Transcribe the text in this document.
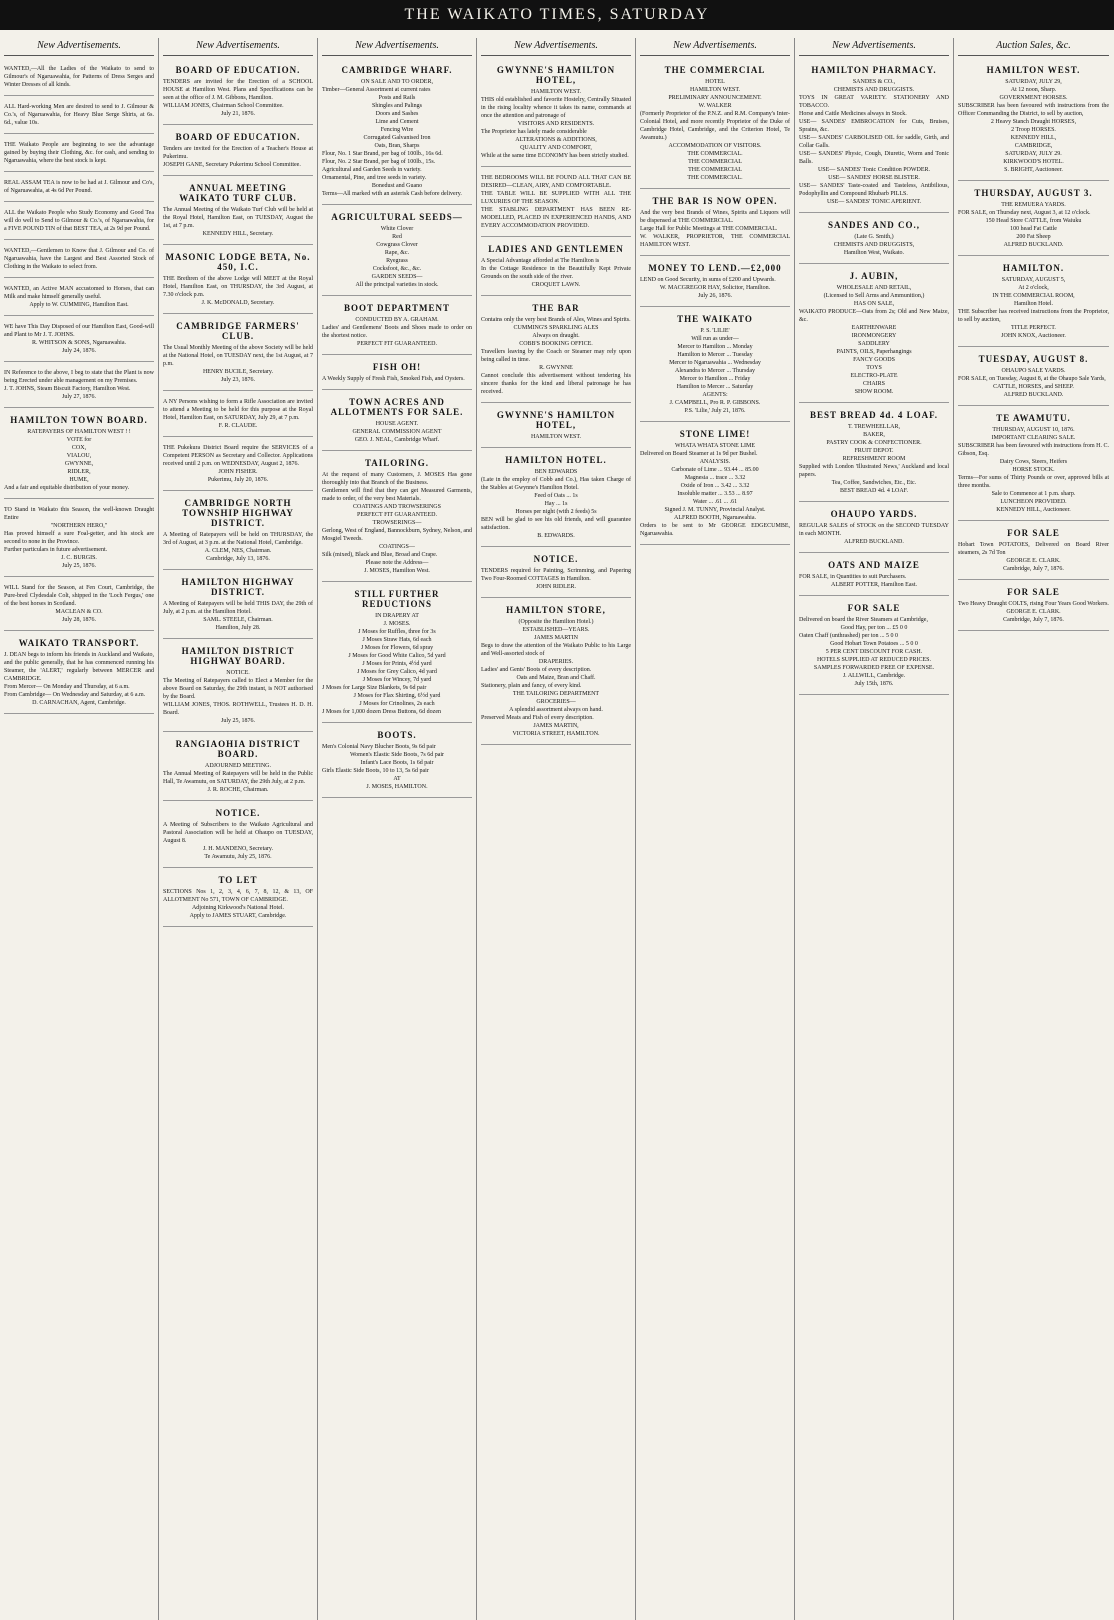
THE WAIKATO TIMES, SATURDAY
New Advertisements.

WANTED,—All the Ladies of the Waikato to send to Gilmour's of Ngaruawahia, for Patterns of Dress Serges and Winter Dresses of all kinds.

ALL Hard-working Men are desired to send to J. Gilmour & Co.'s, of Ngaruawahia, for Heavy Blue Serge Shirts, at 6s. 6d., value 10s.

THE Waikato People are beginning to see the advantage gained by buying their Clothing, &c. for cash, and sending to Ngaruawahia, where the best stock is kept.

REAL ASSAM TEA is now to be had at J. Gilmour and Co's, of Ngaruawahia, at 4s 6d Per Pound.

ALL the Waikato People who Study Economy and Good Tea will do well to Send to Gilmour & Co.'s, of Ngaruawahia, for a FIVE POUND TIN of that BEST TEA, at 2s 9d per Pound.

WANTED,—Gentlemen to Know that J. Gilmour and Co. of Ngaruawahia, have the Largest and Best Assorted Stock of Clothing in the Waikato to select from.

WANTED, an Active MAN accustomed to Horses, that can Milk and make himself generally useful.

Apply to W. CUMMING, Hamilton East.

WE have This Day Disposed of our Hamilton East, Good-will and Plant to Mr J. T. JOHNS.

R. WHITSON & SONS, Ngaruawahia.

July 24, 1876.

IN Reference to the above, I beg to state that the Plant is now being Erected under able management on my Premises.

J. T. JOHNS, Steam Biscuit Factory, Hamilton West.

July 27, 1876.

HAMILTON TOWN BOARD.

RATEPAYERS OF HAMILTON WEST ! !

VOTE for

COX,

VIALOU,

GWYNNE,

RIDLER,

HUME,

And a fair and equitable distribution of your money.

TO Stand in Waikato this Season, the well-known Draught Entire

"NORTHERN HERO,"

Has proved himself a sure Foal-getter, and his stock are second to none in the Province.

Further particulars in future advertisement.

J. C. BURGIS.

July 25, 1876.

WILL Stand for the Season, at Fen Court, Cambridge, the Pure-bred Clydesdale Colt, shipped in the 'Loch Fergus,' one of the best horses in Scotland.

MACLEAN & CO.

July 28, 1876.

WAIKATO TRANSPORT.

J. DEAN begs to inform his friends in Auckland and Waikato, and the public generally, that he has commenced running his Steamer, the 'ALERT,' regularly between MERCER and CAMBRIDGE.

From Mercer— On Monday and Thursday, at 6 a.m.

From Cambridge— On Wednesday and Saturday, at 6 a.m.

D. CARNACHAN, Agent, Cambridge.

New Advertisements.
BOARD OF EDUCATION.

TENDERS are invited for the Erection of a SCHOOL HOUSE at Hamilton West. Plans and Specifications can be seen at the office of J. M. Gibbons, Hamilton.

WILLIAM JONES, Chairman School Committee.

July 21, 1876.

BOARD OF EDUCATION.

Tenders are invited for the Erection of a Teacher's House at Pukerimu.

JOSEPH GANE, Secretary Pukerimu School Committee.

ANNUAL MEETING WAIKATO TURF CLUB.

The Annual Meeting of the Waikato Turf Club will be held at the Royal Hotel, Hamilton East, on TUESDAY, August the 1st, at 7 p.m.

KENNEDY HILL, Secretary.

MASONIC LODGE BETA, No. 450, I.C.

THE Brethren of the above Lodge will MEET at the Royal Hotel, Hamilton East, on THURSDAY, the 3rd August, at 7.30 o'clock p.m.

J. K. McDONALD, Secretary.

CAMBRIDGE FARMERS' CLUB.

The Usual Monthly Meeting of the above Society will be held at the National Hotel, on TUESDAY next, the 1st August, at 7 p.m.

HENRY BUCILE, Secretary.

July 23, 1876.

A NY Persons wishing to form a Rifle Association are invited to attend a Meeting to be held for this purpose at the Royal Hotel, Hamilton East, on SATURDAY, July 29, at 7 p.m.

F. R. CLAUDE.

THE Pukekura District Board require the SERVICES of a Competent PERSON as Secretary and Collector. Applications received until 2 p.m. on WEDNESDAY, August 2, 1876.

JOHN FISHER.

Pukerimu, July 20, 1876.

CAMBRIDGE NORTH TOWNSHIP HIGHWAY DISTRICT.

A Meeting of Ratepayers will be held on THURSDAY, the 3rd of August, at 3 p.m. at the National Hotel, Cambridge.

A. CLEM, NES, Chairman.

Cambridge, July 13, 1876.

HAMILTON HIGHWAY DISTRICT.

A Meeting of Ratepayers will be held THIS DAY, the 29th of July, at 2 p.m. at the Hamilton Hotel.

SAML. STEELE, Chairman.

Hamilton, July 28.

HAMILTON DISTRICT HIGHWAY BOARD.

NOTICE.

The Meeting of Ratepayers called to Elect a Member for the above Board on Saturday, the 29th instant, is NOT authorised by the Board.

WILLIAM JONES, THOS. ROTHWELL, Trustees H. D. H. Board.

July 25, 1876.

RANGIAOHIA DISTRICT BOARD.

ADJOURNED MEETING.

The Annual Meeting of Ratepayers will be held in the Public Hall, Te Awamutu, on SATURDAY, the 29th July, at 2 p.m.

J. R. ROCHE, Chairman.

NOTICE.

A Meeting of Subscribers to the Waikato Agricultural and Pastoral Association will be held at Ohaupo on TUESDAY, August 8.

J. H. MANDENO, Secretary.

Te Awamutu, July 25, 1876.

TO LET

SECTIONS Nos 1, 2, 3, 4, 6, 7, 8, 12, & 13, OF ALLOTMENT No 571, TOWN OF CAMBRIDGE.

Adjoining Kirkwood's National Hotel.

Apply to JAMES STUART, Cambridge.

New Advertisements.
CAMBRIDGE WHARF.

ON SALE AND TO ORDER,

Timber—General Assortment at current rates

Posts and Rails

Shingles and Palings

Doors and Sashes

Lime and Cement

Fencing Wire

Corrugated Galvanised Iron

Oats, Bran, Sharps

Flour, No. 1 Star Brand, per bag of 100lb., 16s 6d.

Flour, No. 2 Star Brand, per bag of 100lb., 15s.

Agricultural and Garden Seeds in variety.

Ornamental, Pine, and tree seeds in variety.

Bonedust and Guano

Terms—All marked with an asterisk Cash before delivery.

AGRICULTURAL SEEDS—

White Clover

Red

Cowgrass Clover

Rape, &c.

Ryegrass

Cocksfoot, &c., &c.

GARDEN SEEDS—

All the principal varieties in stock.

BOOT DEPARTMENT

CONDUCTED BY A. GRAHAM.

Ladies' and Gentlemens' Boots and Shoes made to order on the shortest notice.

PERFECT FIT GUARANTEED.

FISH OH!

A Weekly Supply of Fresh Fish, Smoked Fish, and Oysters.

TOWN ACRES AND ALLOTMENTS FOR SALE.

HOUSE AGENT.

GENERAL COMMISSION AGENT

GEO. J. NEAL, Cambridge Wharf.

TAILORING.

At the request of many Customers, J. MOSES Has gone thoroughly into that Branch of the Business.

Gentlemen will find that they can get Measured Garments, made to order, of the very best Materials.

COATINGS AND TROWSERINGS

PERFECT FIT GUARANTEED.

TROWSERINGS—

Gerlong, West of England, Bannockburn, Sydney, Nelson, and Mosgiel Tweeds.

COATINGS—

Silk (mixed), Black and Blue, Broad and Crape.

Please note the Address—

J. MOSES, Hamilton West.

STILL FURTHER REDUCTIONS

IN DRAPERY AT

J. MOSES.

J Moses for Ruffles, three for 3s

J Moses Straw Hats, 6d each

J Moses for Flowers, 6d spray

J Moses for Good White Calico, 5d yard

J Moses for Prints, 4½d yard

J Moses for Grey Calico, 4d yard

J Moses for Wincey, 7d yard

J Moses for Large Size Blankets, 9s 6d pair

J Moses for Flax Shirting, 6½d yard

J Moses for Crinolines, 2s each

J Moses for 1,000 dozen Dress Buttons, 6d dozen

BOOTS.

Men's Colonial Navy Blucher Boots, 9s 6d pair

Women's Elastic Side Boots, 7s 6d pair

Infant's Lace Boots, 1s 6d pair

Girls Elastic Side Boots, 10 to 13, 5s 6d pair

AT

J. MOSES, HAMILTON.

New Advertisements.
GWYNNE'S HAMILTON HOTEL,

HAMILTON WEST.

THIS old established and favorite Hostelry, Centrally Situated in the rising locality whence it takes its name, commands at once the attention and patronage of

VISITORS AND RESIDENTS.

The Proprietor has lately made considerable

ALTERATIONS & ADDITIONS,

QUALITY AND COMFORT,

While at the same time ECONOMY has been strictly studied.

THE BEDROOMS WILL BE FOUND ALL THAT CAN BE DESIRED—CLEAN, AIRY, AND COMFORTABLE.

THE TABLE WILL BE SUPPLIED WITH ALL THE LUXURIES OF THE SEASON.

THE STABLING DEPARTMENT HAS BEEN RE-MODELLED, PLACED IN EXPERIENCED HANDS, AND EVERY ACCOMMODATION PROVIDED.

LADIES AND GENTLEMEN

A Special Advantage afforded at The Hamilton is

In the Cottage Residence in the Beautifully Kept Private Grounds on the south side of the river.

CROQUET LAWN.

THE BAR

Contains only the very best Brands of Ales, Wines and Spirits.

CUMMING'S SPARKLING ALES

Always on draught.

COBB'S BOOKING OFFICE.

Travellers leaving by the Coach or Steamer may rely upon being called in time.

R. GWYNNE

Cannot conclude this advertisement without tendering his sincere thanks for the kind and liberal patronage he has received.

GWYNNE'S HAMILTON HOTEL,

HAMILTON WEST.

HAMILTON HOTEL.

BEN EDWARDS

(Late in the employ of Cobb and Co.), Has taken Charge of the Stables at Gwynne's Hamilton Hotel.

Feed of Oats ... 1s

Hay ... 1s

Horses per night (with 2 feeds) 5s

BEN will be glad to see his old friends, and will guarantee satisfaction.

B. EDWARDS.

NOTICE.

TENDERS required for Painting, Scrimming, and Papering Two Four-Roomed COTTAGES in Hamilton.

JOHN RIDLER.

HAMILTON STORE,

(Opposite the Hamilton Hotel.)

ESTABLISHED—YEARS.

JAMES MARTIN

Begs to draw the attention of the Waikato Public to his Large and Well-assorted stock of

DRAPERIES.

Ladies' and Gents' Boots of every description.

Oats and Maize, Bran and Chaff.

Stationery, plain and fancy, of every kind.

THE TAILORING DEPARTMENT

GROCERIES—

A splendid assortment always on hand.

Preserved Meats and Fish of every description.

JAMES MARTIN,

VICTORIA STREET, HAMILTON.

New Advertisements.
THE COMMERCIAL

HOTEL

HAMILTON WEST.

PRELIMINARY ANNOUNCEMENT.

W. WALKER

(Formerly Proprietor of the P.N.Z. and R.M. Company's Inter-Colonial Hotel, and more recently Proprietor of the Duke of Cambridge Hotel, Cambridge, and the Criterion Hotel, Te Awamutu.)

ACCOMMODATION OF VISITORS.

THE COMMERCIAL.

THE COMMERCIAL

THE COMMERCIAL

THE COMMERCIAL.

THE BAR IS NOW OPEN.

And the very best Brands of Wines, Spirits and Liquors will be dispensed at THE COMMERCIAL.

Large Hall for Public Meetings at THE COMMERCIAL.

W. WALKER, PROPRIETOR, THE COMMERCIAL HAMILTON WEST.

MONEY TO LEND.—£2,000

LEND on Good Security, in sums of £200 and Upwards.

W. MACGREGOR HAY, Solicitor, Hamilton.

July 26, 1876.

THE WAIKATO

P. S. 'LILIE'

Will run as under—

Mercer to Hamilton ... Monday

Hamilton to Mercer ... Tuesday

Mercer to Ngaruawahia ... Wednesday

Alexandra to Mercer ... Thursday

Mercer to Hamilton ... Friday

Hamilton to Mercer ... Saturday

AGENTS:

J. CAMPBELL, Pro R. P. GIBBONS.

P.S. 'Lilie,' July 21, 1876.

STONE LIME!

WHATA WHATA STONE LIME

Delivered on Board Steamer at 1s 9d per Bushel.

ANALYSIS.

Carbonate of Lime ... 93.44 ... 85.00

Magnesia ... trace ... 3.32

Oxide of Iron ... 3.42 ... 3.32

Insoluble matter ... 3.53 ... 8.97

Water ... .61 ... .61

Signed J. M. TUNNY, Provincial Analyst.

ALFRED BOOTH, Ngaruawahia.

Orders to be sent to Mr GEORGE EDGECUMBE, Ngaruawahia.

New Advertisements.
HAMILTON PHARMACY.

SANDES & CO.,

CHEMISTS AND DRUGGISTS.

TOYS IN GREAT VARIETY. STATIONERY AND TOBACCO.

Horse and Cattle Medicines always in Stock.

USE— SANDES' EMBROCATION for Cuts, Bruises, Sprains, &c.

USE— SANDES' CARBOLISED OIL for saddle, Girth, and Collar Galls.

USE— SANDES' Physic, Cough, Diuretic, Worm and Tonic Balls.

USE— SANDES' Tonic Condition POWDER.

USE— SANDES' HORSE BLISTER.

USE— SANDES' Taste-coated and Tasteless, Antibilious, Podophyllin and Compound Rhubarb PILLS.

USE— SANDES' TONIC APERIENT.

SANDES AND CO.,

(Late G. Smith,)

CHEMISTS AND DRUGGISTS,

Hamilton West, Waikato.

J. AUBIN,

WHOLESALE AND RETAIL,

(Licensed to Sell Arms and Ammunition,)

HAS ON SALE,

WAIKATO PRODUCE—Oats from 2s; Old and New Maize, &c.

EARTHENWARE

IRONMONGERY

SADDLERY

PAINTS, OILS, Paperhangings

FANCY GOODS

TOYS

ELECTRO-PLATE

CHAIRS

SHOW ROOM.

BEST BREAD 4d. 4 LOAF.

T. TREWHEELLAR,

BAKER,

PASTRY COOK & CONFECTIONER.

FRUIT DEPOT.

REFRESHMENT ROOM

Supplied with London 'Illustrated News,' Auckland and local papers.

Tea, Coffee, Sandwiches, Etc., Etc.

BEST BREAD 4d. 4 LOAF.

OHAUPO YARDS.

REGULAR SALES of STOCK on the SECOND TUESDAY in each MONTH.

ALFRED BUCKLAND.

OATS AND MAIZE

FOR SALE, in Quantities to suit Purchasers.

ALBERT POTTER, Hamilton East.

FOR SALE

Delivered on board the River Steamers at Cambridge,

Good Hay, per ton ... £5 0 0

Oaten Chaff (unthrashed) per ton ... 5 0 0

Good Hobart Town Potatoes ... 5 0 0

5 PER CENT DISCOUNT FOR CASH.

HOTELS SUPPLIED AT REDUCED PRICES.

SAMPLES FORWARDED FREE OF EXPENSE.

J. ALLWILL, Cambridge.

July 15th, 1876.

Auction Sales, &c.
HAMILTON WEST.

SATURDAY, JULY 29,

At 12 noon, Sharp.

GOVERNMENT HORSES.

SUBSCRIBER has been favoured with instructions from the Officer Commanding the District, to sell by auction,

2 Heavy Stanch Draught HORSES,

2 Troop HORSES.

KENNEDY HILL,

CAMBRIDGE,

SATURDAY, JULY 29.

KIRKWOOD'S HOTEL.

S. BRIGHT, Auctioneer.

THURSDAY, AUGUST 3.

THE REMUERA YARDS.

FOR SALE, on Thursday next, August 3, at 12 o'clock.

150 Head Store CATTLE, from Waiuku

100 head Fat Cattle

200 Fat Sheep

ALFRED BUCKLAND.

HAMILTON.

SATURDAY, AUGUST 5,

At 2 o'clock,

IN THE COMMERCIAL ROOM,

Hamilton Hotel.

THE Subscriber has received instructions from the Proprietor, to sell by auction,

TITLE PERFECT.

JOHN KNOX, Auctioneer.

TUESDAY, AUGUST 8.

OHAUPO SALE YARDS.

FOR SALE, on Tuesday, August 8, at the Ohaupo Sale Yards,

CATTLE, HORSES, and SHEEP.

ALFRED BUCKLAND.

TE AWAMUTU.

THURSDAY, AUGUST 10, 1876.

IMPORTANT CLEARING SALE.

SUBSCRIBER has been favoured with instructions from H. C. Gibson, Esq.

Dairy Cows, Steers, Heifers

HORSE STOCK.

Terms—For sums of Thirty Pounds or over, approved bills at three months.

Sale to Commence at 1 p.m. sharp.

LUNCHEON PROVIDED.

KENNEDY HILL, Auctioneer.

FOR SALE

Hobart Town POTATOES, Delivered on Board River steamers, 2s 7d Ton

GEORGE E. CLARK.

Cambridge, July 7, 1876.

FOR SALE

Two Heavy Draught COLTS, rising Four Years Good Workers.

GEORGE E. CLARK.

Cambridge, July 7, 1876.
